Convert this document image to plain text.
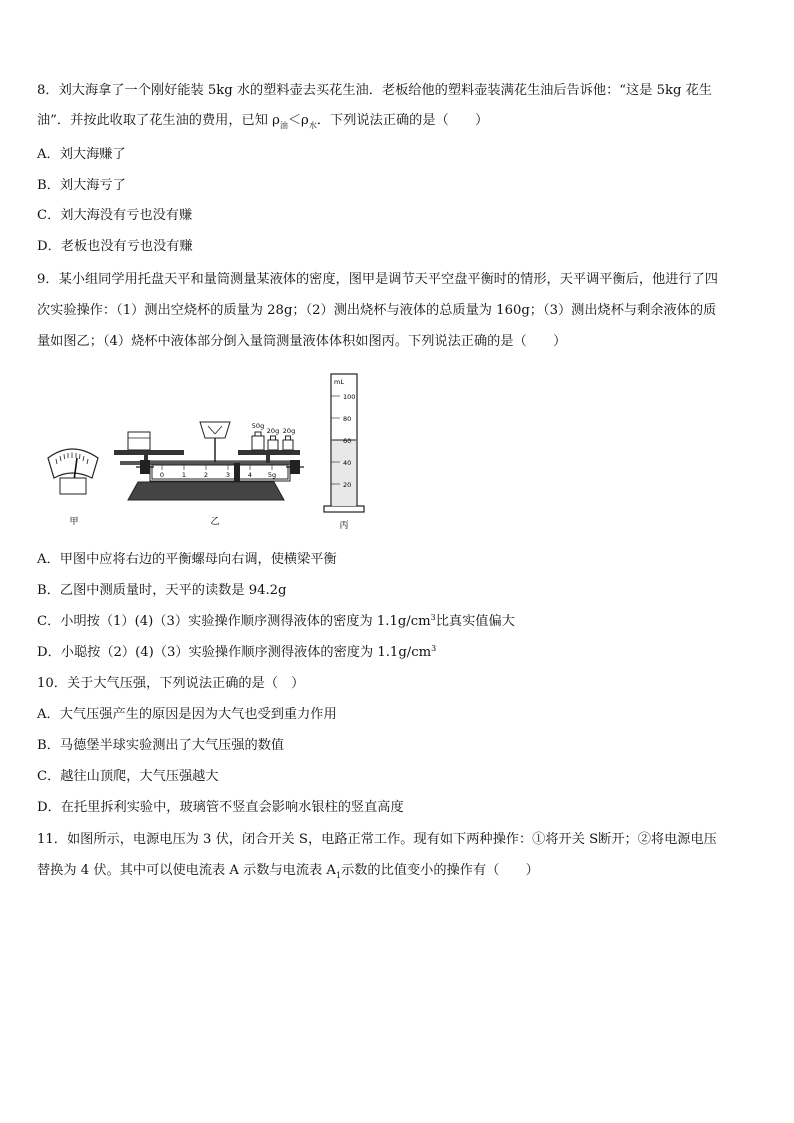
8．刘大海拿了一个刚好能装 5kg 水的塑料壶去买花生油．老板给他的塑料壶装满花生油后告诉他：“这是 5kg 花生
油”．并按此收取了花生油的费用，已知 $\rho_油<\rho_水$．下列说法正确的是（　　）
A．刘大海赚了
B．刘大海亏了
C．刘大海没有亏也没有赚
D．老板也没有亏也没有赚
9．某小组同学用托盘天平和量筒测量某液体的密度，图甲是调节天平空盘平衡时的情形，天平调平衡后，他进行了四
次实验操作：（1）测出空烧杯的质量为 28g；（2）测出烧杯与液体的总质量为 160g；（3）测出烧杯与剩余液体的质
量如图乙；（4）烧杯中液体部分倒入量筒测量液体体积如图丙。下列说法正确的是（　　）
甲
50g
20g 20g
0	1	2	3	4 5g
乙
mL
100
80
60
40
20
丙
A．甲图中应将右边的平衡螺母向右调，使横梁平衡
B．乙图中测质量时，天平的读数是 94.2g
C．小明按（1）(4)（3）实验操作顺序测得液体的密度为 $1.1g/cm^3$比真实值偏大
D．小聪按（2）(4)（3）实验操作顺序测得液体的密度为 $1.1g/cm^3$
10．关于大气压强，下列说法正确的是（　）
A．大气压强产生的原因是因为大气也受到重力作用
B．马德堡半球实验测出了大气压强的数值
C．越往山顶爬，大气压强越大
D．在托里拆利实验中，玻璃管不竖直会影响水银柱的竖直高度
11．如图所示，电源电压为 3 伏，闭合开关 S，电路正常工作。现有如下两种操作：①将开关 S断开；②将电源电压
替换为 4 伏。其中可以使电流表 A 示数与电流表 $A_1$示数的比值变小的操作有（　　）
